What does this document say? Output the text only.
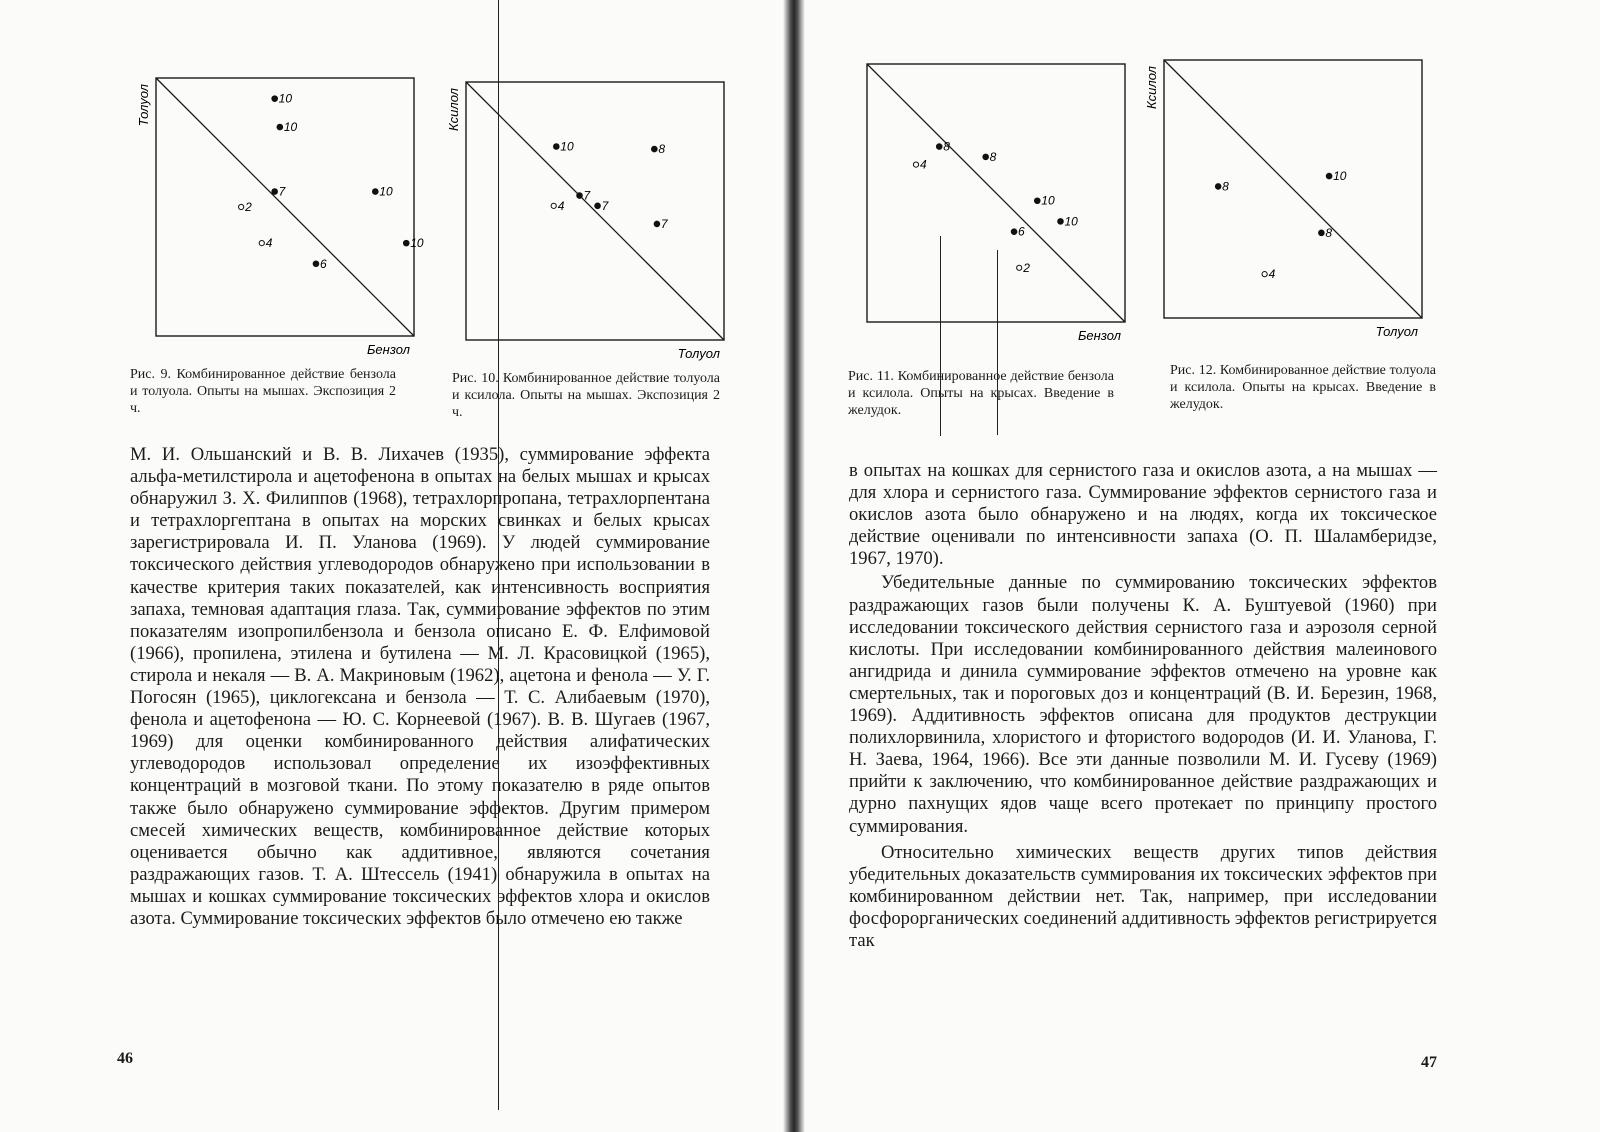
Бензол
Толуол	10
10
7
2
10
4	10
6
Толуол
Ксилол
10	8
7
7
4
7
Бензол
8
4
8
10
10
6
2
Толуол
Ксилол
8
10
8
4
Рис. 9. Комбинированное действие бензола и толуола. Опыты на мышах. Экспозиция 2 ч.
Рис. 10. Комбинированное действие толуола и ксилола. Опыты на мышах. Экспозиция 2 ч.
Рис. 11. Комбинированное действие бензола и ксилола. Опыты на крысах. Введение в желудок.
Рис. 12. Комбинированное действие толуола и ксилола. Опыты на крысах. Введение в желудок.

М. И. Ольшанский и В. В. Лихачев (1935), суммирование эффекта альфа-метилстирола и ацетофенона в опытах на белых мышах и крысах обнаружил З. Х. Филиппов (1968), тетрахлорпропана, тетрахлорпентана и тетрахлоргептана в опытах на морских свинках и белых крысах зарегистрировала И. П. Уланова (1969). У людей суммирование токсического действия углеводородов обнаружено при использовании в качестве критерия таких показателей, как интенсивность восприятия запаха, темновая адаптация глаза. Так, суммирование эффектов по этим показателям изопропилбензола и бензола описано Е. Ф. Елфимовой (1966), пропилена, этилена и бутилена — М. Л. Красовицкой (1965), стирола и некаля — В. А. Макриновым (1962), ацетона и фенола — У. Г. Погосян (1965), циклогексана и бензола — Т. С. Алибаевым (1970), фенола и ацетофенона — Ю. С. Корнеевой (1967). В. В. Шугаев (1967, 1969) для оценки комбинированного действия алифатических углеводородов использовал определение их изоэффективных концентраций в мозговой ткани. По этому показателю в ряде опытов также было обнаружено суммирование эффектов. Другим примером смесей химических веществ, комбинированное действие которых оценивается обычно как аддитивное, являются сочетания раздражающих газов. Т. А. Штессель (1941) обнаружила в опытах на мышах и кошках суммирование токсических эффектов хлора и окислов азота. Суммирование токсических эффектов было отмечено ею также

46

в опытах на кошках для сернистого газа и окислов азота, а на мышах — для хлора и сернистого газа. Суммирование эффектов сернистого газа и окислов азота было обнаружено и на людях, когда их токсическое действие оценивали по интенсивности запаха (О. П. Шаламберидзе, 1967, 1970).

Убедительные данные по суммированию токсических эффектов раздражающих газов были получены К. А. Буштуевой (1960) при исследовании токсического действия сернистого газа и аэрозоля серной кислоты. При исследовании комбинированного действия малеинового ангидрида и динила суммирование эффектов отмечено на уровне как смертельных, так и пороговых доз и концентраций (В. И. Березин, 1968, 1969). Аддитивность эффектов описана для продуктов деструкции полихлорвинила, хлористого и фтористого водородов (И. И. Уланова, Г. Н. Заева, 1964, 1966). Все эти данные позволили М. И. Гусеву (1969) прийти к заключению, что комбинированное действие раздражающих и дурно пахнущих ядов чаще всего протекает по принципу простого суммирования.

Относительно химических веществ других типов действия убедительных доказательств суммирования их токсических эффектов при комбинированном действии нет. Так, например, при исследовании фосфорорганических соединений аддитивность эффектов регистрируется так

47
